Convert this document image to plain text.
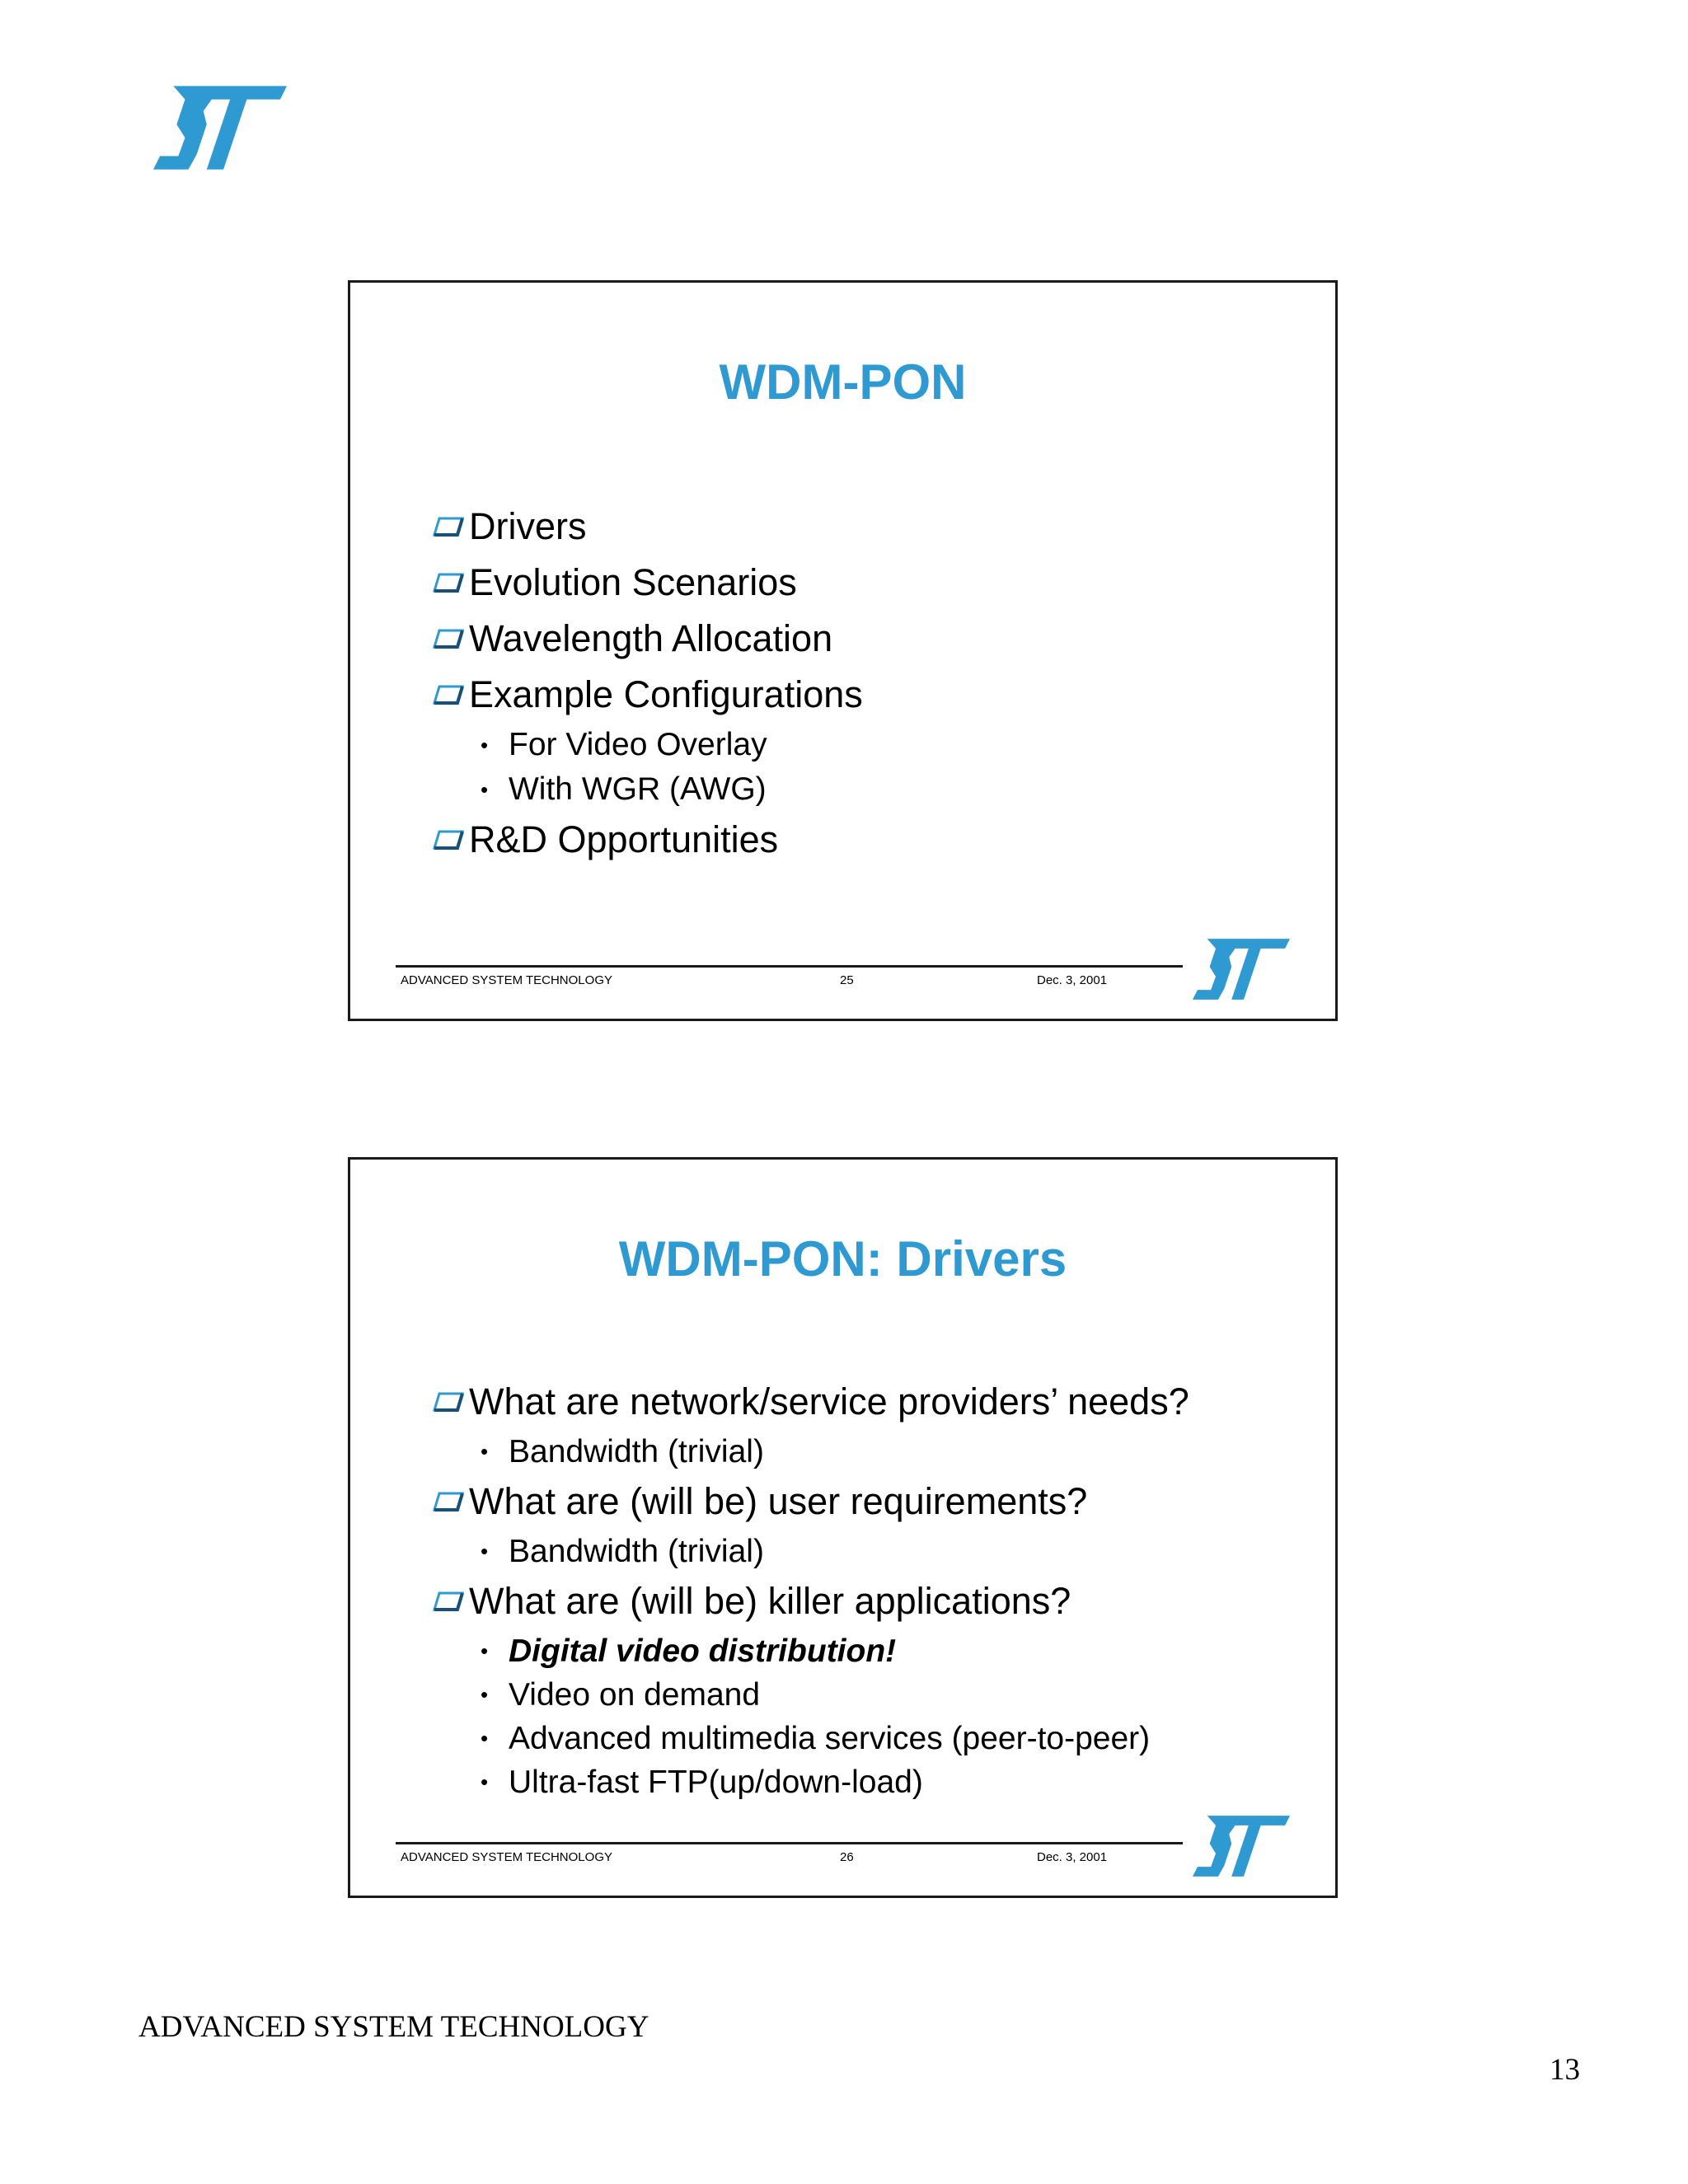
WDM-PON
Drivers
Evolution Scenarios
Wavelength Allocation
Example Configurations
• For Video Overlay
• With WGR (AWG)
R&D Opportunities
ADVANCED SYSTEM TECHNOLOGY	25	Dec. 3, 2001
WDM-PON: Drivers
What are network/service providers’ needs?
• Bandwidth (trivial)
What are (will be) user requirements?
• Bandwidth (trivial)
What are (will be) killer applications?
• Digital video distribution!
• Video on demand
• Advanced multimedia services (peer-to-peer)
• Ultra-fast FTP(up/down-load)
ADVANCED SYSTEM TECHNOLOGY	26	Dec. 3, 2001
ADVANCED SYSTEM TECHNOLOGY
13
